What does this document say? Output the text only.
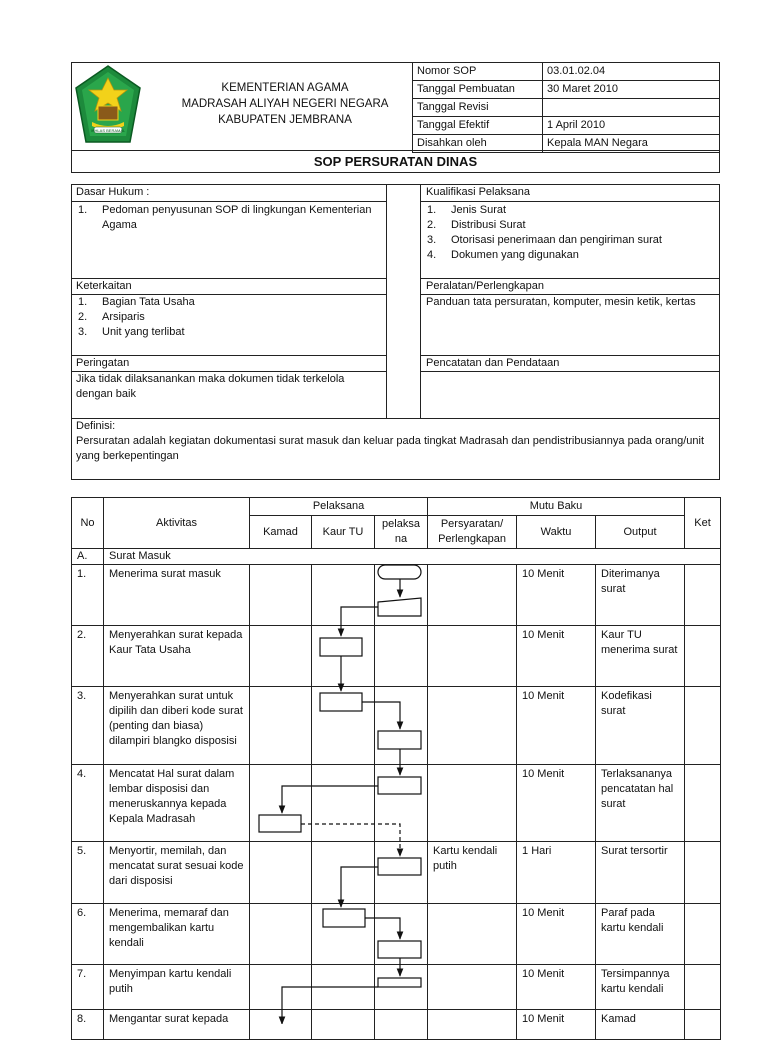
IKHLAS BERAMAL
KEMENTERIAN AGAMA
MADRASAH ALIYAH NEGERI NEGARA
KABUPATEN JEMBRANA
Nomor SOP	03.01.02.04
Tanggal Pembuatan	30 Maret 2010
Tanggal Revisi	
Tanggal Efektif	1 April 2010
Disahkan oleh	Kepala MAN Negara
SOP PERSURATAN DINAS
Dasar Hukum :
1.	Pedoman penyusunan SOP di lingkungan Kementerian Agama
Keterkaitan
1.	Bagian Tata Usaha
2.	Arsiparis
3.	Unit yang terlibat
Peringatan
Jika tidak dilaksanankan maka dokumen tidak terkelola dengan baik
Kualifikasi Pelaksana
1.	Jenis Surat
2.	Distribusi Surat
3.	Otorisasi penerimaan dan pengiriman surat
4.	Dokumen yang digunakan
Peralatan/Perlengkapan
Panduan tata persuratan, komputer, mesin ketik, kertas
Pencatatan dan Pendataan
Definisi:
Persuratan adalah kegiatan dokumentasi surat masuk dan keluar pada tingkat Madrasah dan pendistribusiannya pada orang/unit yang berkepentingan
No	Aktivitas	Pelaksana			Mutu Baku			Ket
		Kamad	Kaur TU	pelaksa na	Persyaratan/ Perlengkapan	Waktu	Output	
A.	Surat Masuk							
1.	Menerima surat masuk					10 Menit	Diterimanya surat	
2.	Menyerahkan surat kepada Kaur Tata Usaha					10 Menit	Kaur TU menerima surat	
3.	Menyerahkan surat untuk dipilih dan diberi kode surat (penting dan biasa) dilampiri blangko disposisi					10 Menit	Kodefikasi surat	
4.	Mencatat Hal surat dalam lembar disposisi dan meneruskannya kepada Kepala Madrasah					10 Menit	Terlaksananya pencatatan hal surat	
5.	Menyortir, memilah, dan mencatat surat sesuai kode dari disposisi				Kartu kendali putih	1 Hari	Surat tersortir	
6.	Menerima, memaraf dan mengembalikan kartu kendali					10 Menit	Paraf pada kartu kendali	
7.	Menyimpan kartu kendali putih					10 Menit	Tersimpannya kartu kendali	
8.	Mengantar surat kepada					10 Menit	Kamad	
